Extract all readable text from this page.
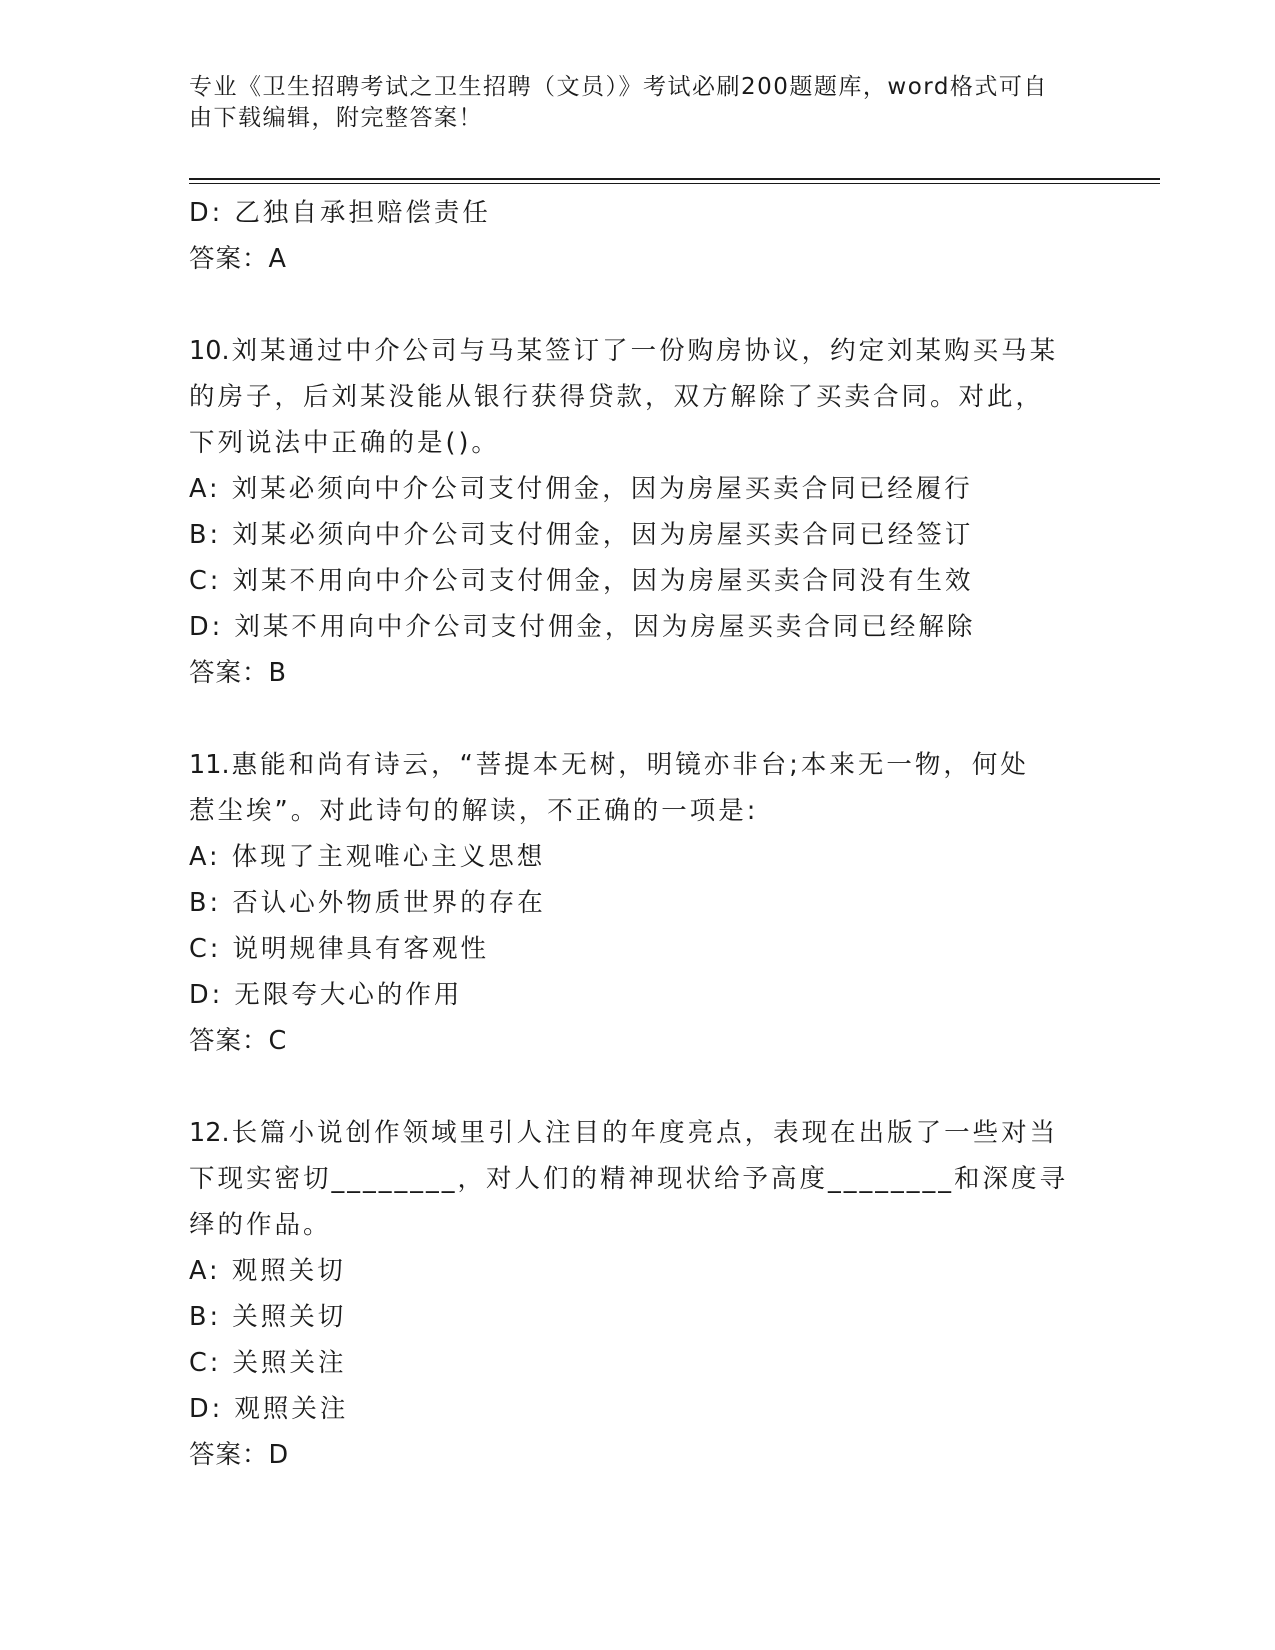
专业《卫生招聘考试之卫生招聘（文员）》考试必刷200题题库，word格式可自
由下载编辑，附完整答案！
D: 乙独自承担赔偿责任
答案：A
10.刘某通过中介公司与马某签订了一份购房协议，约定刘某购买马某
的房子，后刘某没能从银行获得贷款，双方解除了买卖合同。对此，
下列说法中正确的是()。
A: 刘某必须向中介公司支付佣金，因为房屋买卖合同已经履行
B: 刘某必须向中介公司支付佣金，因为房屋买卖合同已经签订
C: 刘某不用向中介公司支付佣金，因为房屋买卖合同没有生效
D: 刘某不用向中介公司支付佣金，因为房屋买卖合同已经解除
答案：B
11.惠能和尚有诗云，“菩提本无树，明镜亦非台;本来无一物，何处
惹尘埃”。对此诗句的解读，不正确的一项是:
A: 体现了主观唯心主义思想
B: 否认心外物质世界的存在
C: 说明规律具有客观性
D: 无限夸大心的作用
答案：C
12.长篇小说创作领域里引人注目的年度亮点，表现在出版了一些对当
下现实密切________，对人们的精神现状给予高度________和深度寻
绎的作品。
A: 观照关切
B: 关照关切
C: 关照关注
D: 观照关注
答案：D
